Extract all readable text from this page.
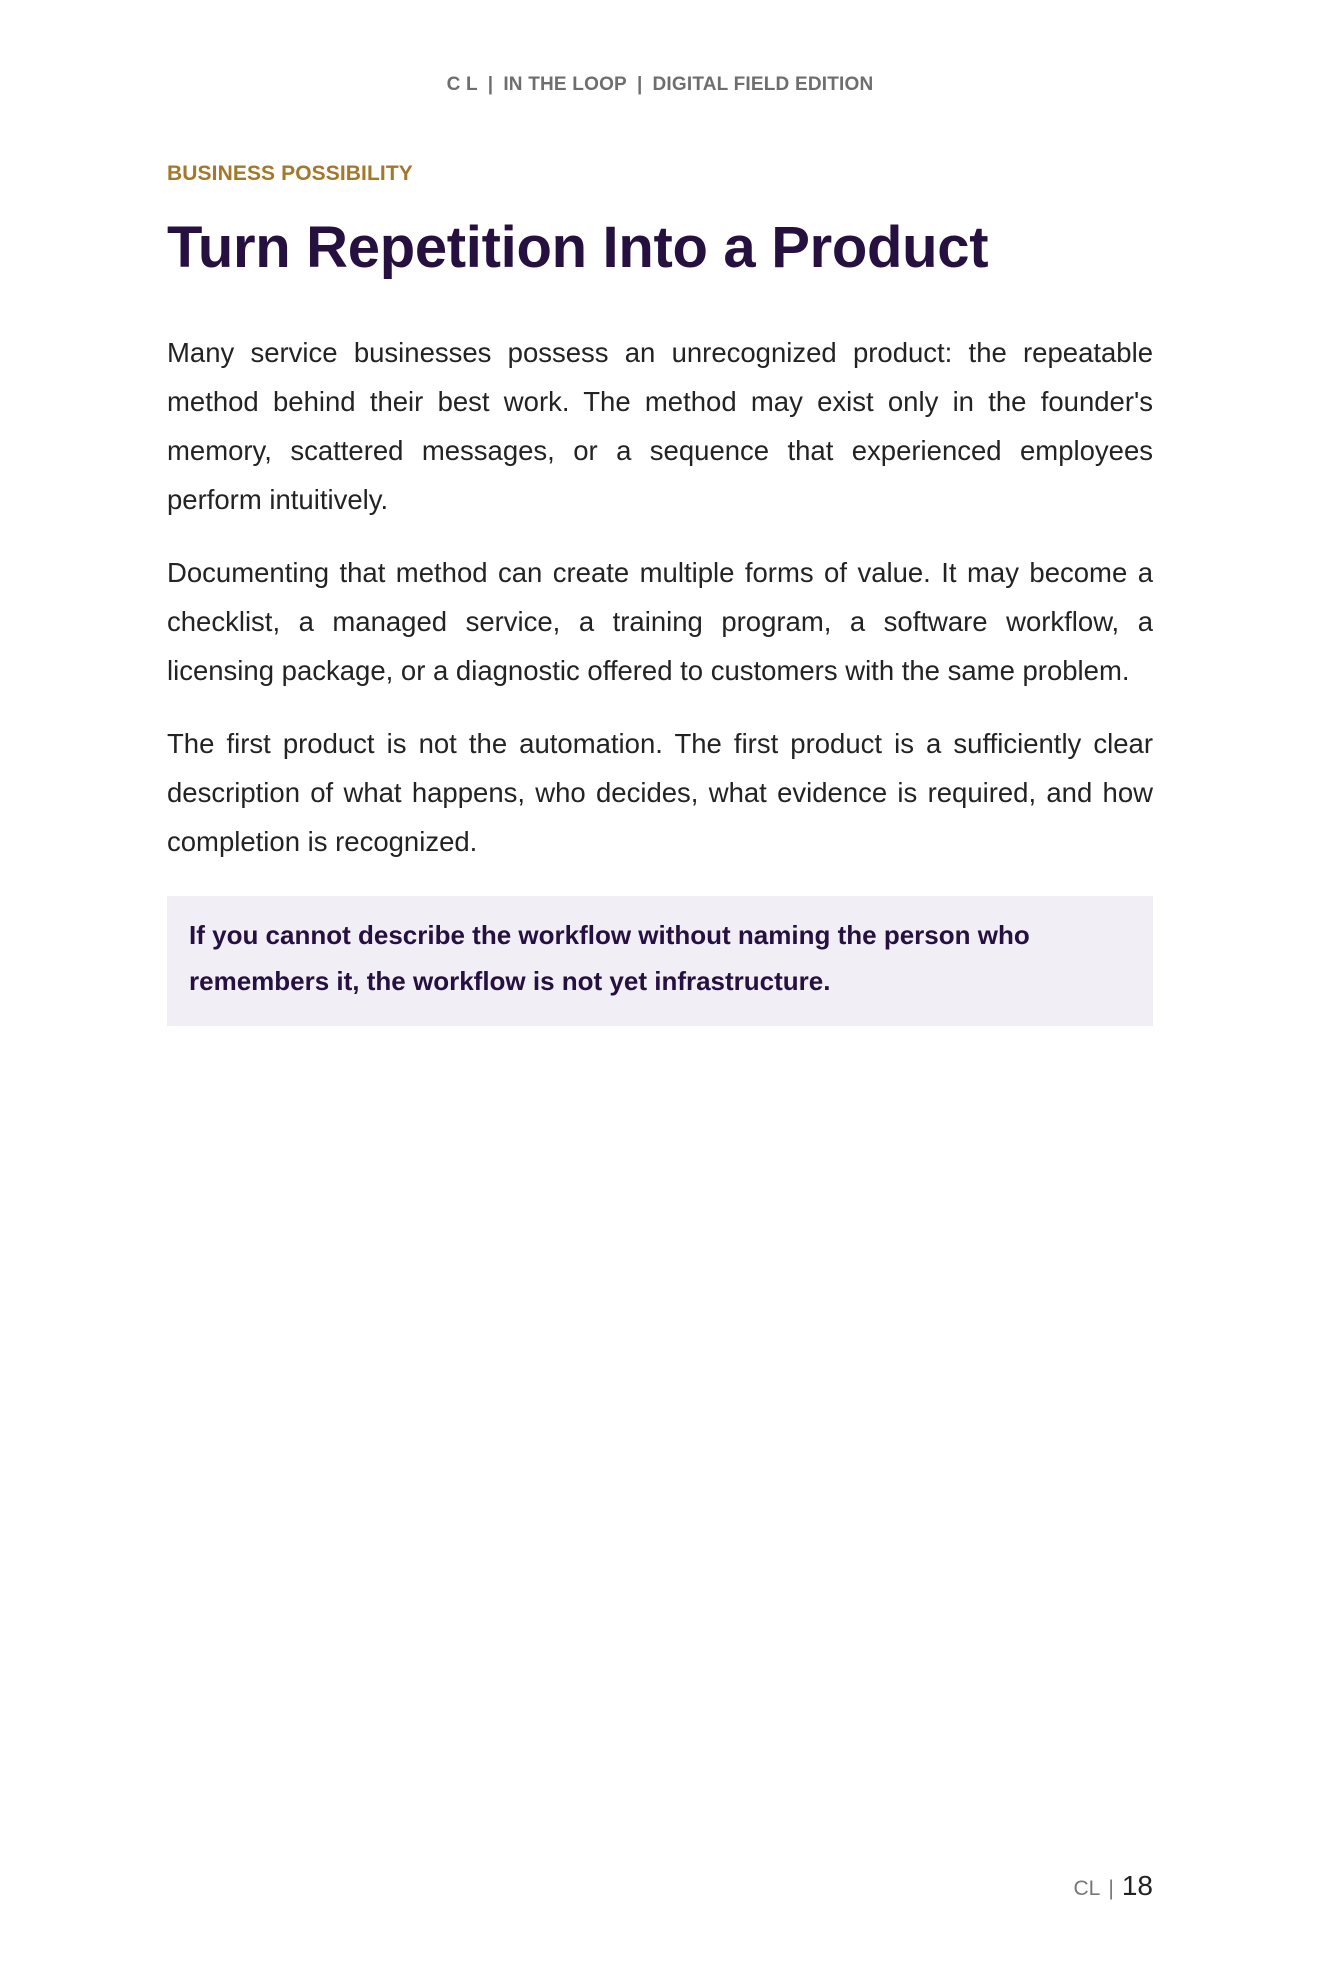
C L | IN THE LOOP | DIGITAL FIELD EDITION

BUSINESS POSSIBILITY

Turn Repetition Into a Product

Many service businesses possess an unrecognized product: the repeatable method behind their best work. The method may exist only in the founder's memory, scattered messages, or a sequence that experienced employees perform intuitively.

Documenting that method can create multiple forms of value. It may become a checklist, a managed service, a training program, a software workflow, a licensing package, or a diagnostic offered to customers with the same problem.

The first product is not the automation. The first product is a sufficiently clear description of what happens, who decides, what evidence is required, and how completion is recognized.

If you cannot describe the workflow without naming the person who remembers it, the workflow is not yet infrastructure.

CL | 18
